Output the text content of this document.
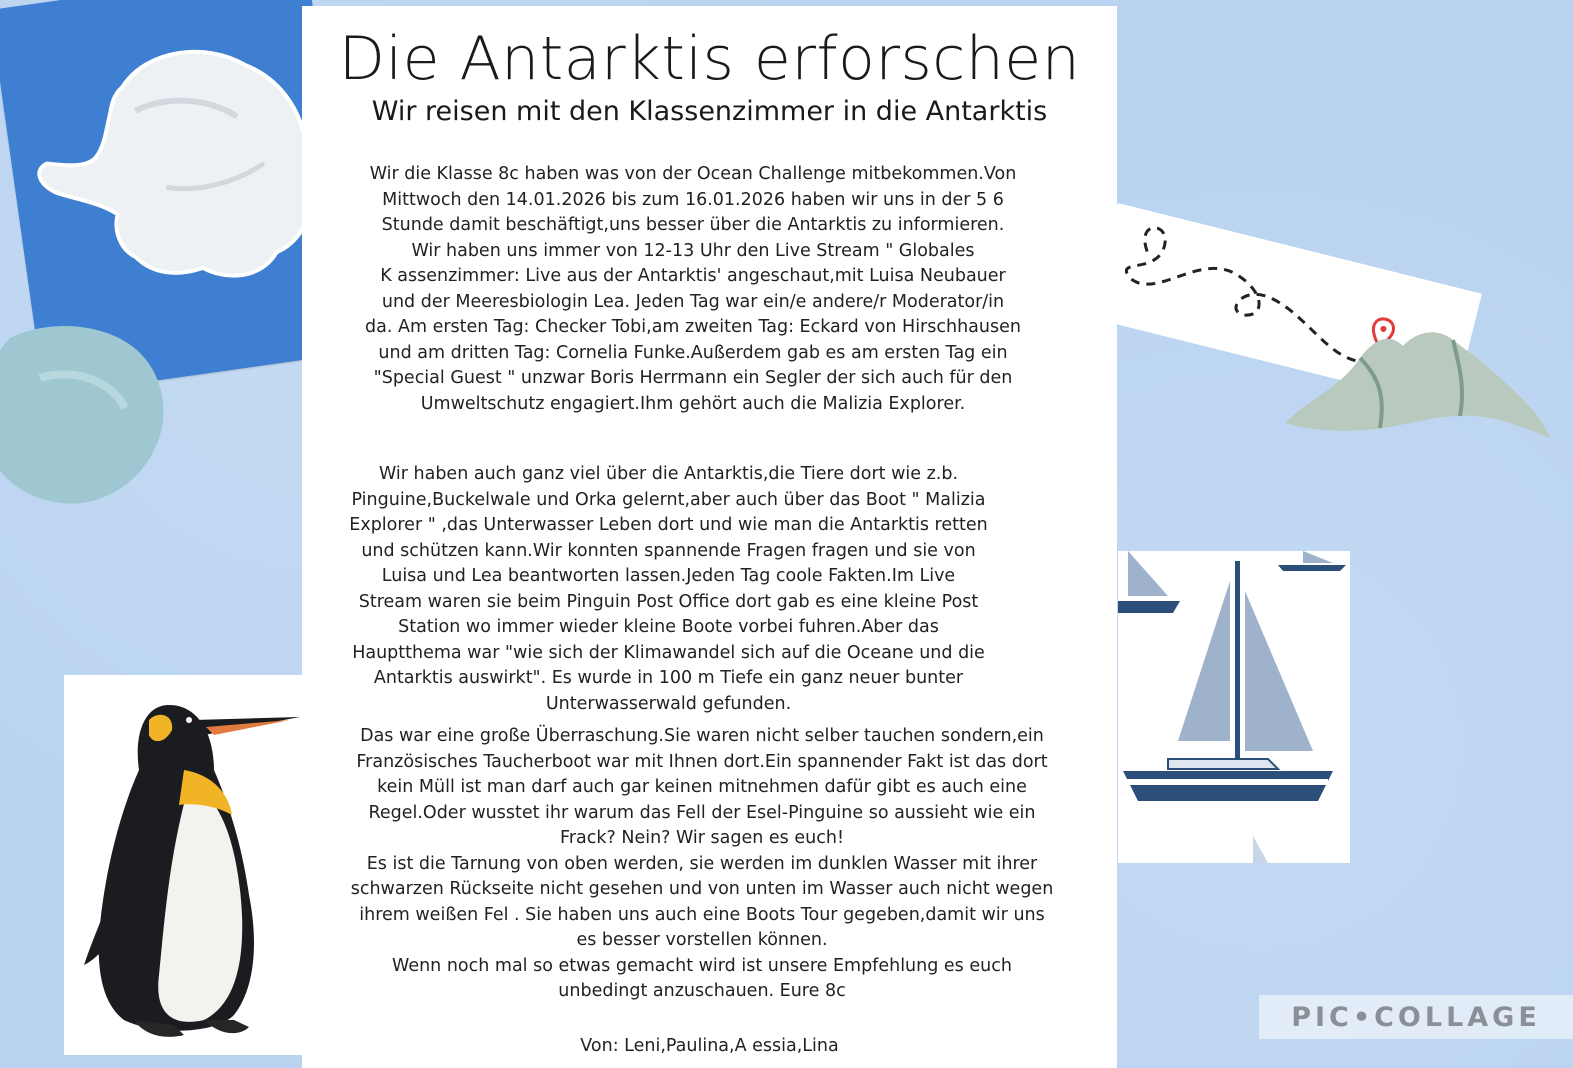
Die Antarktis erforschen
Wir reisen mit den Klassenzimmer in die Antarktis
Wir die Klasse 8c haben was von der Ocean Challenge mitbekommen.Von
Mittwoch den 14.01.2026 bis zum 16.01.2026 haben wir uns in der 5 6
Stunde damit beschäftigt,uns besser über die Antarktis zu informieren.
Wir haben uns immer von 12-13 Uhr den Live Stream " Globales
K assenzimmer: Live aus der Antarktis' angeschaut,mit Luisa Neubauer
und der Meeresbiologin Lea. Jeden Tag war ein/e andere/r Moderator/in
da. Am ersten Tag: Checker Tobi,am zweiten Tag: Eckard von Hirschhausen
und am dritten Tag: Cornelia Funke.Außerdem gab es am ersten Tag ein
"Special Guest " unzwar Boris Herrmann ein Segler der sich auch für den
Umweltschutz engagiert.Ihm gehört auch die Malizia Explorer.
Wir haben auch ganz viel über die Antarktis,die Tiere dort wie z.b.
Pinguine,Buckelwale und Orka gelernt,aber auch über das Boot " Malizia
Explorer " ,das Unterwasser Leben dort und wie man die Antarktis retten
und schützen kann.Wir konnten spannende Fragen fragen und sie von
Luisa und Lea beantworten lassen.Jeden Tag coole Fakten.Im Live
Stream waren sie beim Pinguin Post Office dort gab es eine kleine Post
Station wo immer wieder kleine Boote vorbei fuhren.Aber das
Hauptthema war "wie sich der Klimawandel sich auf die Oceane und die
Antarktis auswirkt". Es wurde in 100 m Tiefe ein ganz neuer bunter
Unterwasserwald gefunden.
Das war eine große Überraschung.Sie waren nicht selber tauchen sondern,ein
Französisches Taucherboot war mit Ihnen dort.Ein spannender Fakt ist das dort
kein Müll ist man darf auch gar keinen mitnehmen dafür gibt es auch eine
Regel.Oder wusstet ihr warum das Fell der Esel-Pinguine so aussieht wie ein
Frack? Nein? Wir sagen es euch!
Es ist die Tarnung von oben werden, sie werden im dunklen Wasser mit ihrer
schwarzen Rückseite nicht gesehen und von unten im Wasser auch nicht wegen
ihrem weißen Fel . Sie haben uns auch eine Boots Tour gegeben,damit wir uns
es besser vorstellen können.
Wenn noch mal so etwas gemacht wird ist unsere Empfehlung es euch
unbedingt anzuschauen. Eure 8c
Von: Leni,Paulina,A essia,Lina
PIC•COLLAGE
